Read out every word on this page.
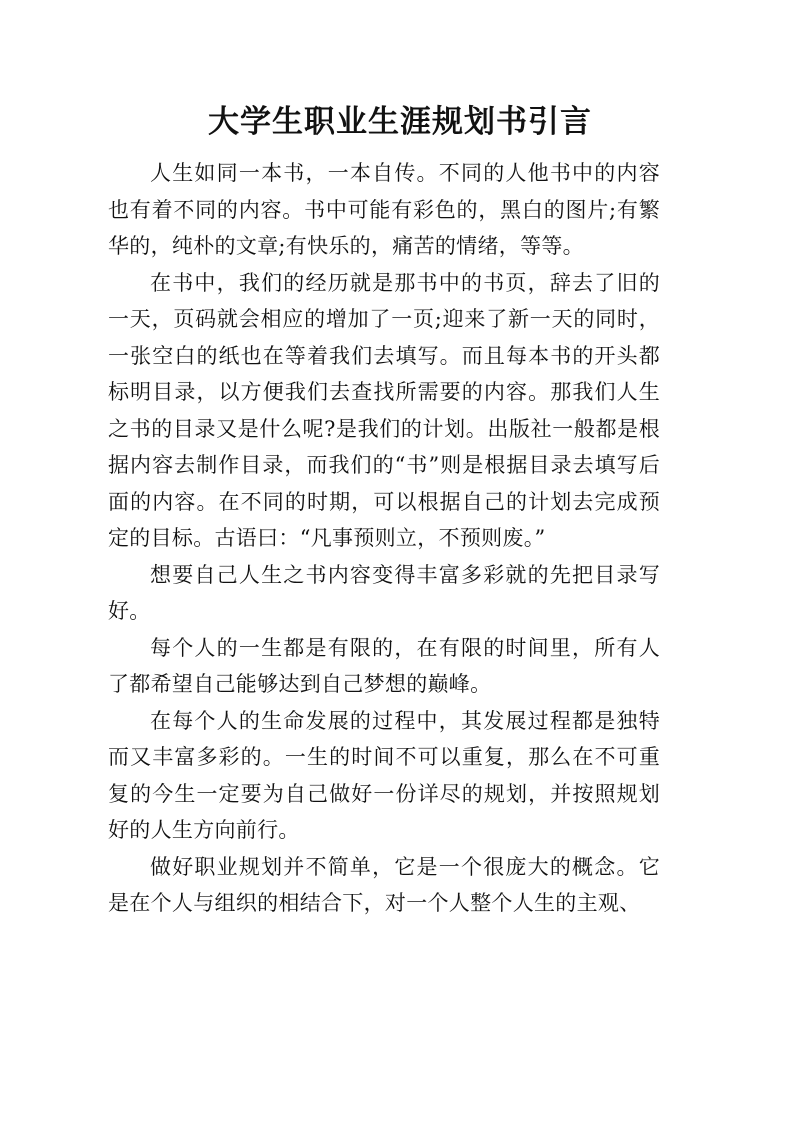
大学生职业生涯规划书引言

人生如同一本书，一本自传。不同的人他书中的内容也有着不同的内容。书中可能有彩色的，黑白的图片;有繁华的，纯朴的文章;有快乐的，痛苦的情绪，等等。

在书中，我们的经历就是那书中的书页，辞去了旧的一天，页码就会相应的增加了一页;迎来了新一天的同时，一张空白的纸也在等着我们去填写。而且每本书的开头都标明目录，以方便我们去查找所需要的内容。那我们人生之书的目录又是什么呢?是我们的计划。出版社一般都是根据内容去制作目录，而我们的“书”则是根据目录去填写后面的内容。在不同的时期，可以根据自己的计划去完成预定的目标。古语曰：“凡事预则立，不预则废。”

想要自己人生之书内容变得丰富多彩就的先把目录写好。

每个人的一生都是有限的，在有限的时间里，所有人了都希望自己能够达到自己梦想的巅峰。

在每个人的生命发展的过程中，其发展过程都是独特而又丰富多彩的。一生的时间不可以重复，那么在不可重复的今生一定要为自己做好一份详尽的规划，并按照规划好的人生方向前行。

做好职业规划并不简单，它是一个很庞大的概念。它是在个人与组织的相结合下，对一个人整个人生的主观、
